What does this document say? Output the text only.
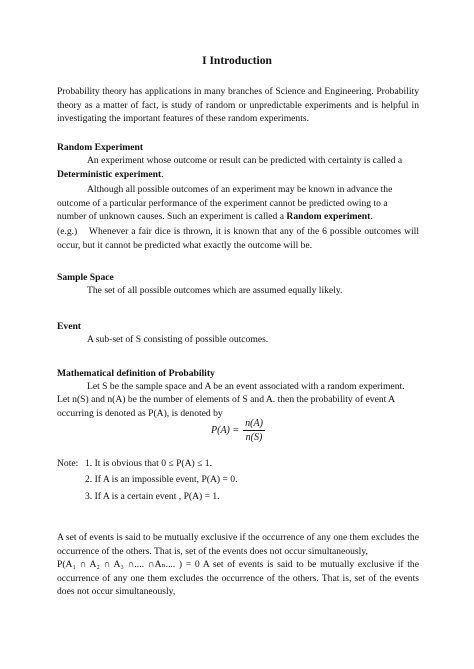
I Introduction
Probability theory has applications in many branches of Science and Engineering. Probability theory as a matter of fact, is study of random or unpredictable experiments and is helpful in investigating the important features of these random experiments.
Random Experiment
An experiment whose outcome or result can be predicted with certainty is called a Deterministic experiment.
Although all possible outcomes of an experiment may be known in advance the outcome of a particular performance of the experiment cannot be predicted owing to a number of unknown causes. Such an experiment is called a Random experiment.
(e.g.)    Whenever a fair dice is thrown, it is known that any of the 6 possible outcomes will occur, but it cannot be predicted what exactly the outcome will be.
Sample Space
The set of all possible outcomes which are assumed equally likely.
Event
A sub-set of S consisting of possible outcomes.
Mathematical definition of Probability
Let S be the sample space and A be an event associated with a random experiment.
Let n(S) and n(A) be the number of elements of S and A. then the probability of event A occurring is denoted as P(A), is denoted by
$P(A) = \frac{n(A)}{n(S)}$
Note: 1. It is obvious that 0 ≤ P(A) ≤ 1.
2. If A is an impossible event, P(A) = 0.
3. If A is a certain event , P(A) = 1.
A set of events is said to be mutually exclusive if the occurrence of any one them excludes the occurrence of the others. That is, set of the events does not occur simultaneously,
P(A₁ ∩ A₂ ∩ A₃ ∩.... ∩Aₙ.... ) = 0 A set of events is said to be mutually exclusive if the occurrence of any one them excludes the occurrence of the others. That is, set of the events does not occur simultaneously,
